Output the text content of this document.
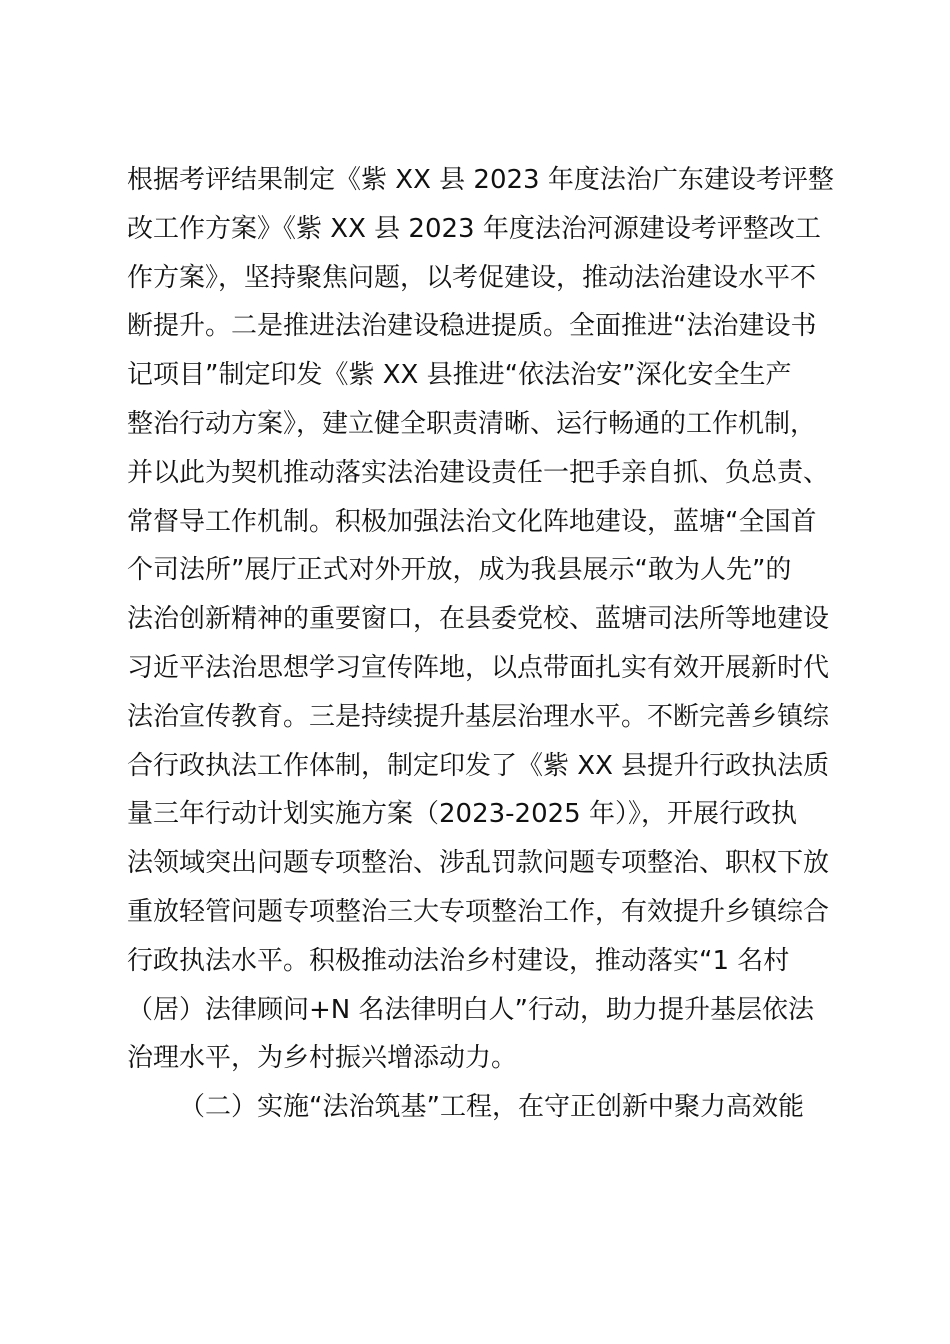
根据考评结果制定《紫 XX 县 2023 年度法治广东建设考评整
改工作方案》《紫 XX 县 2023 年度法治河源建设考评整改工
作方案》，坚持聚焦问题，以考促建设，推动法治建设水平不
断提升。二是推进法治建设稳进提质。全面推进“法治建设书
记项目”制定印发《紫 XX 县推进“依法治安”深化安全生产
整治行动方案》，建立健全职责清晰、运行畅通的工作机制，
并以此为契机推动落实法治建设责任一把手亲自抓、负总责、
常督导工作机制。积极加强法治文化阵地建设，蓝塘“全国首
个司法所”展厅正式对外开放，成为我县展示“敢为人先”的
法治创新精神的重要窗口，在县委党校、蓝塘司法所等地建设
习近平法治思想学习宣传阵地，以点带面扎实有效开展新时代
法治宣传教育。三是持续提升基层治理水平。不断完善乡镇综
合行政执法工作体制，制定印发了《紫 XX 县提升行政执法质
量三年行动计划实施方案（2023-2025 年）》，开展行政执
法领域突出问题专项整治、涉乱罚款问题专项整治、职权下放
重放轻管问题专项整治三大专项整治工作，有效提升乡镇综合
行政执法水平。积极推动法治乡村建设，推动落实“1 名村
（居）法律顾问+N 名法律明白人”行动，助力提升基层依法
治理水平，为乡村振兴增添动力。
（二）实施“法治筑基”工程，在守正创新中聚力高效能
